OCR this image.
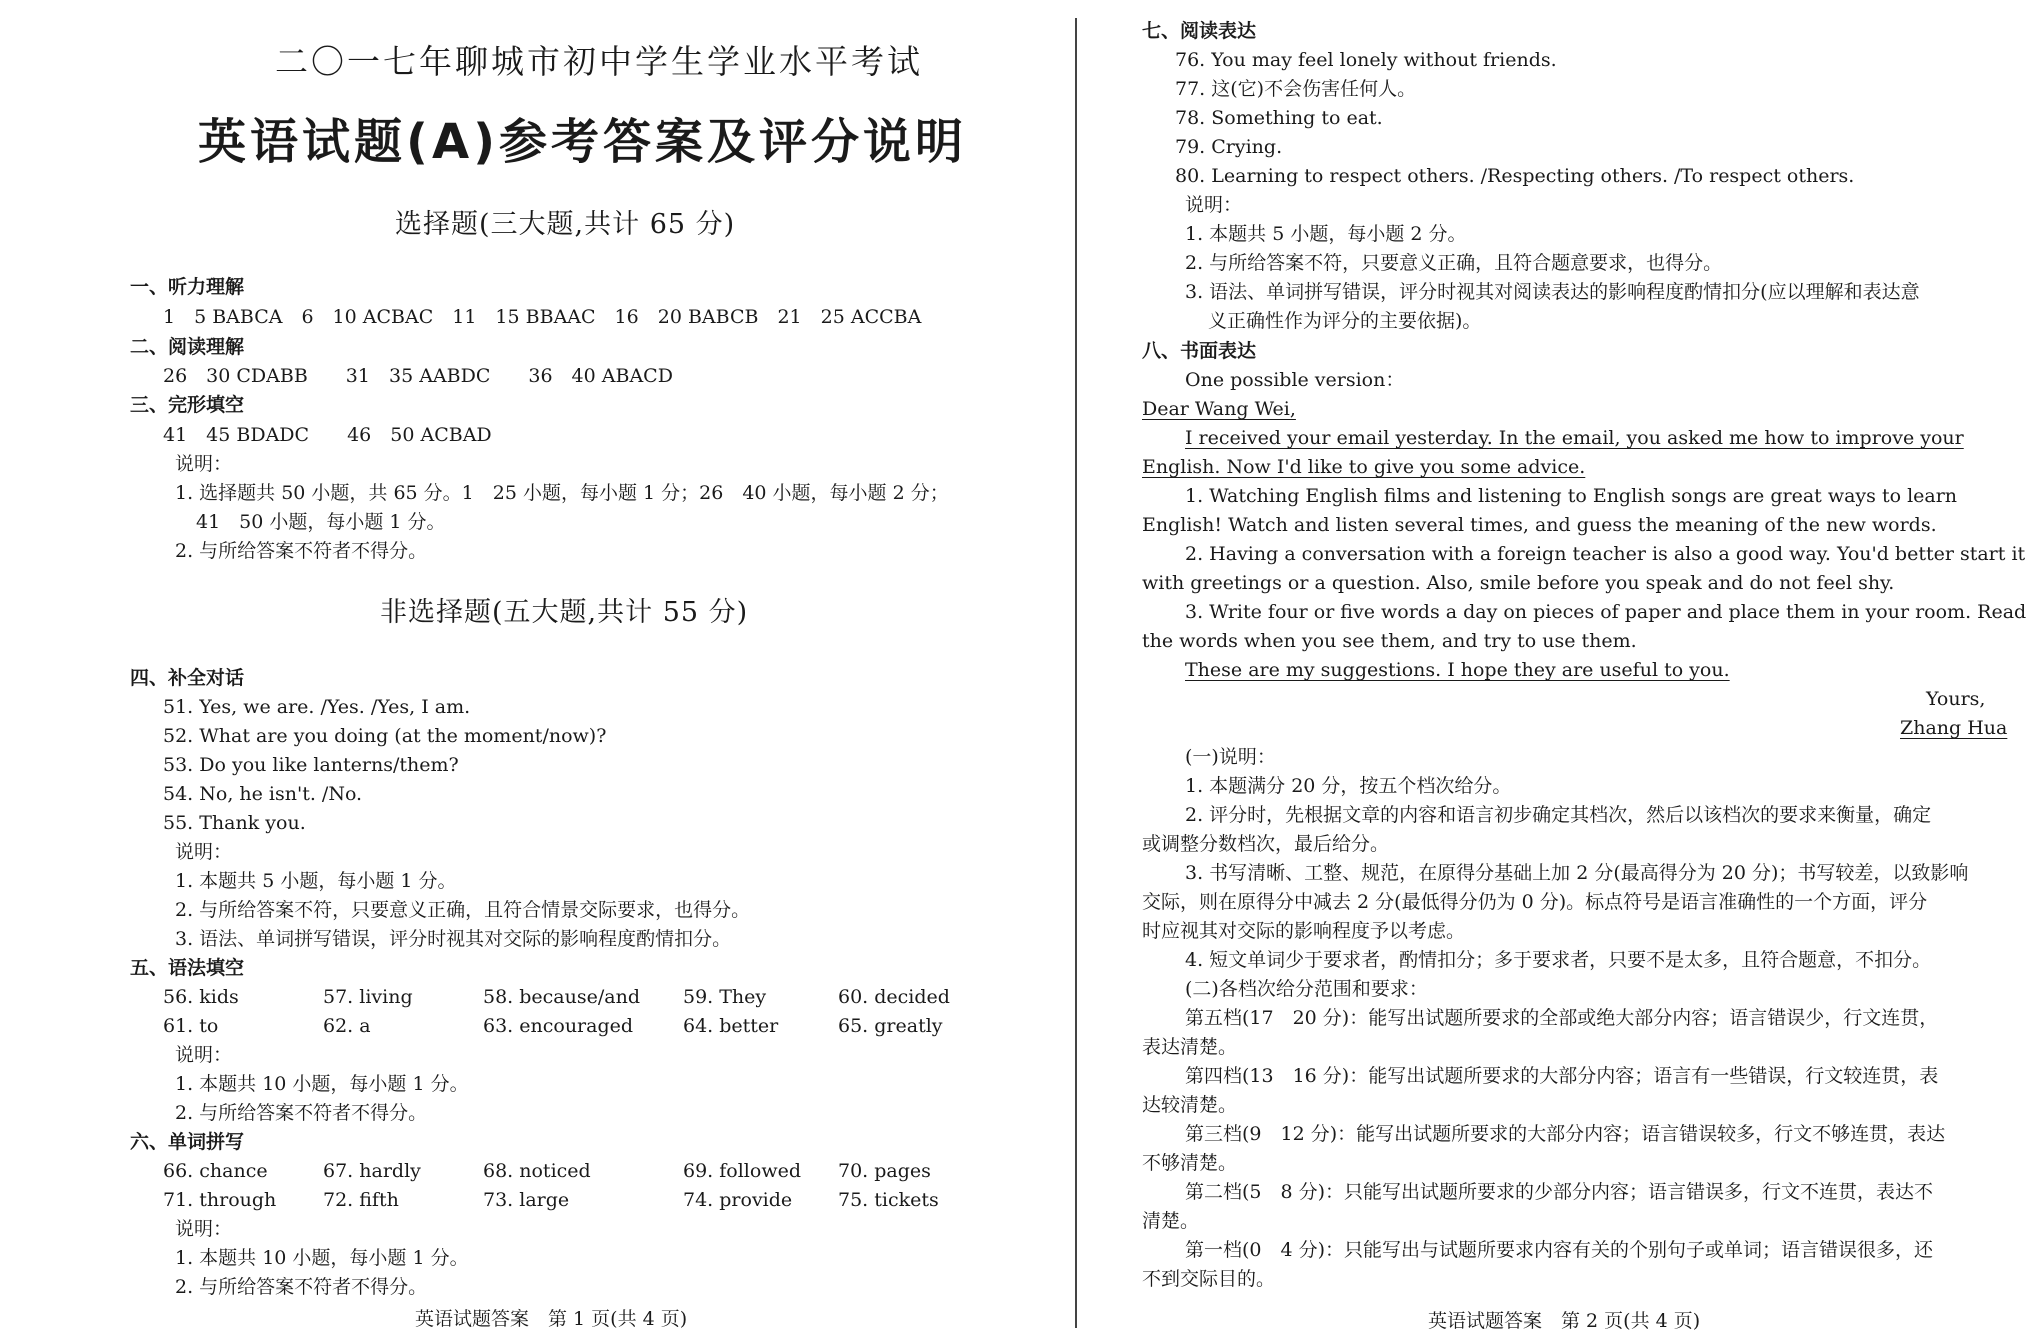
二〇一七年聊城市初中学生学业水平考试
英语试题(A)参考答案及评分说明
选择题(三大题,共计 65 分)
一、听力理解
1　5 BABCA　6　10 ACBAC　11　15 BBAAC　16　20 BABCB　21　25 ACCBA
二、阅读理解
26　30 CDABB　　31　35 AABDC　　36　40 ABACD
三、完形填空
41　45 BDADC　　46　50 ACBAD
说明：
1. 选择题共 50 小题，共 65 分。1　25 小题，每小题 1 分；26　40 小题，每小题 2 分；
41　50 小题，每小题 1 分。
2. 与所给答案不符者不得分。
非选择题(五大题,共计 55 分)
四、补全对话
51. Yes, we are. /Yes. /Yes, I am.
52. What are you doing (at the moment/now)?
53. Do you like lanterns/them?
54. No, he isn't. /No.
55. Thank you.
说明：
1. 本题共 5 小题，每小题 1 分。
2. 与所给答案不符，只要意义正确，且符合情景交际要求，也得分。
3. 语法、单词拼写错误，评分时视其对交际的影响程度酌情扣分。
五、语法填空
56. kids	57. living	58. because/and	59. They	60. decided
61. to	62. a	63. encouraged	64. better	65. greatly
说明：
1. 本题共 10 小题，每小题 1 分。
2. 与所给答案不符者不得分。
六、单词拼写
66. chance	67. hardly	68. noticed	69. followed	70. pages
71. through	72. fifth	73. large	74. provide	75. tickets
说明：
1. 本题共 10 小题，每小题 1 分。
2. 与所给答案不符者不得分。
英语试题答案　第 1 页(共 4 页)
七、阅读表达
76. You may feel lonely without friends.
77. 这(它)不会伤害任何人。
78. Something to eat.
79. Crying.
80. Learning to respect others. /Respecting others. /To respect others.
说明：
1. 本题共 5 小题，每小题 2 分。
2. 与所给答案不符，只要意义正确，且符合题意要求，也得分。
3. 语法、单词拼写错误，评分时视其对阅读表达的影响程度酌情扣分(应以理解和表达意
义正确性作为评分的主要依据)。
八、书面表达
One possible version：
Dear Wang Wei,
I received your email yesterday. In the email, you asked me how to improve your
English. Now I'd like to give you some advice.
1. Watching English films and listening to English songs are great ways to learn
English! Watch and listen several times, and guess the meaning of the new words.
2. Having a conversation with a foreign teacher is also a good way. You'd better start it
with greetings or a question. Also, smile before you speak and do not feel shy.
3. Write four or five words a day on pieces of paper and place them in your room. Read
the words when you see them, and try to use them.
These are my suggestions. I hope they are useful to you.
Yours,
Zhang Hua
(一)说明：
1. 本题满分 20 分，按五个档次给分。
2. 评分时，先根据文章的内容和语言初步确定其档次，然后以该档次的要求来衡量，确定
或调整分数档次，最后给分。
3. 书写清晰、工整、规范，在原得分基础上加 2 分(最高得分为 20 分)；书写较差，以致影响
交际，则在原得分中减去 2 分(最低得分仍为 0 分)。标点符号是语言准确性的一个方面，评分
时应视其对交际的影响程度予以考虑。
4. 短文单词少于要求者，酌情扣分；多于要求者，只要不是太多，且符合题意，不扣分。
(二)各档次给分范围和要求：
第五档(17　20 分)：能写出试题所要求的全部或绝大部分内容；语言错误少，行文连贯，
表达清楚。
第四档(13　16 分)：能写出试题所要求的大部分内容；语言有一些错误，行文较连贯，表
达较清楚。
第三档(9　12 分)：能写出试题所要求的大部分内容；语言错误较多，行文不够连贯，表达
不够清楚。
第二档(5　8 分)：只能写出试题所要求的少部分内容；语言错误多，行文不连贯，表达不
清楚。
第一档(0　4 分)：只能写出与试题所要求内容有关的个别句子或单词；语言错误很多，还
不到交际目的。
英语试题答案　第 2 页(共 4 页)
